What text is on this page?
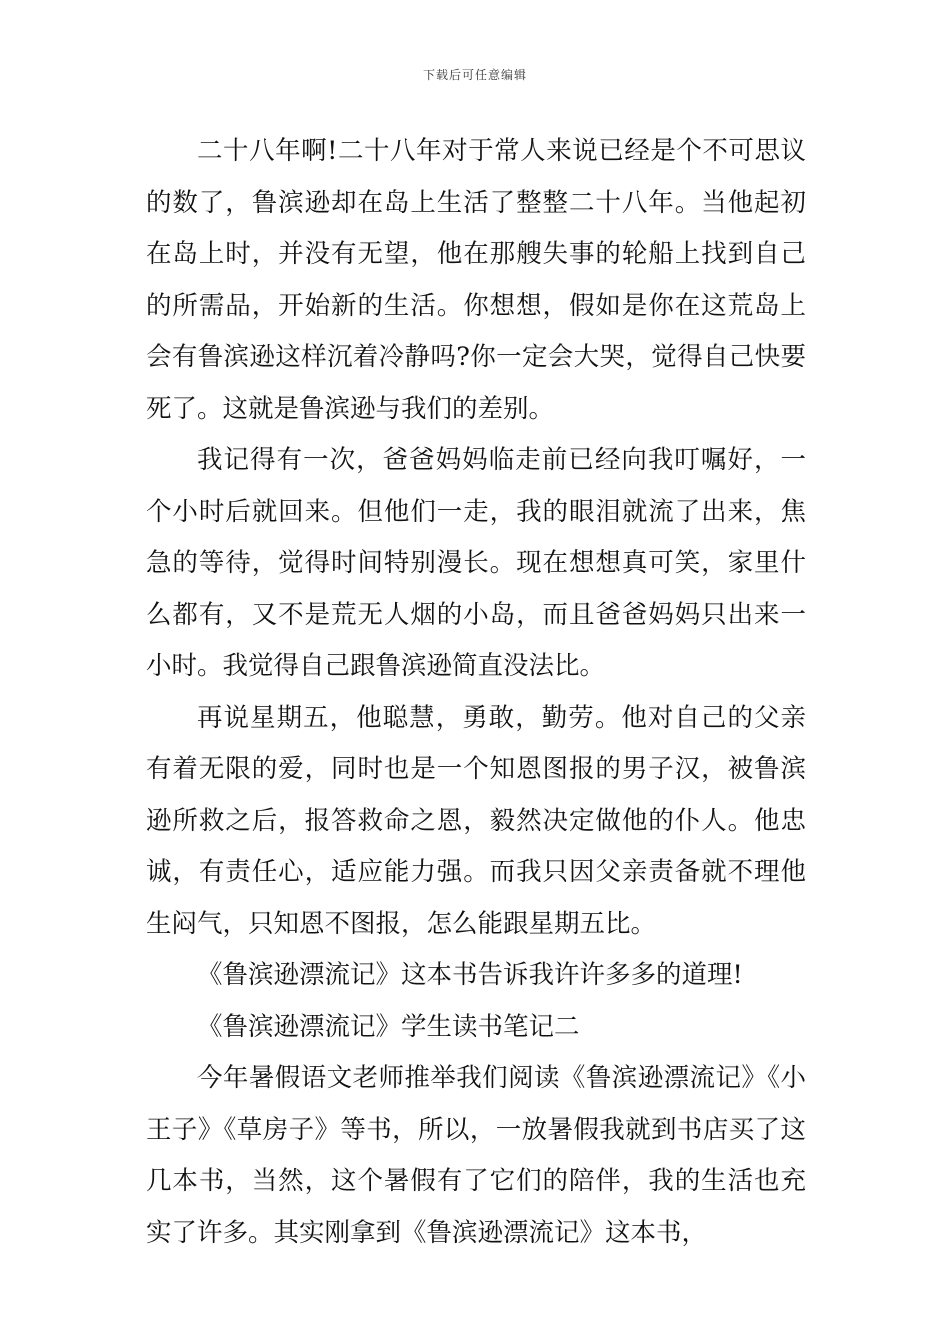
下载后可任意编辑

二十八年啊!二十八年对于常人来说已经是个不可思议的数了，鲁滨逊却在岛上生活了整整二十八年。当他起初在岛上时，并没有无望，他在那艘失事的轮船上找到自己的所需品，开始新的生活。你想想，假如是你在这荒岛上会有鲁滨逊这样沉着冷静吗?你一定会大哭，觉得自己快要死了。这就是鲁滨逊与我们的差别。

我记得有一次，爸爸妈妈临走前已经向我叮嘱好，一个小时后就回来。但他们一走，我的眼泪就流了出来，焦急的等待，觉得时间特别漫长。现在想想真可笑，家里什么都有，又不是荒无人烟的小岛，而且爸爸妈妈只出来一小时。我觉得自己跟鲁滨逊简直没法比。

再说星期五，他聪慧，勇敢，勤劳。他对自己的父亲有着无限的爱，同时也是一个知恩图报的男子汉，被鲁滨逊所救之后，报答救命之恩，毅然决定做他的仆人。他忠诚，有责任心，适应能力强。而我只因父亲责备就不理他生闷气，只知恩不图报，怎么能跟星期五比。

《鲁滨逊漂流记》这本书告诉我许许多多的道理!

《鲁滨逊漂流记》学生读书笔记二

今年暑假语文老师推举我们阅读《鲁滨逊漂流记》《小王子》《草房子》等书，所以，一放暑假我就到书店买了这几本书，当然，这个暑假有了它们的陪伴，我的生活也充实了许多。其实刚拿到《鲁滨逊漂流记》这本书，
